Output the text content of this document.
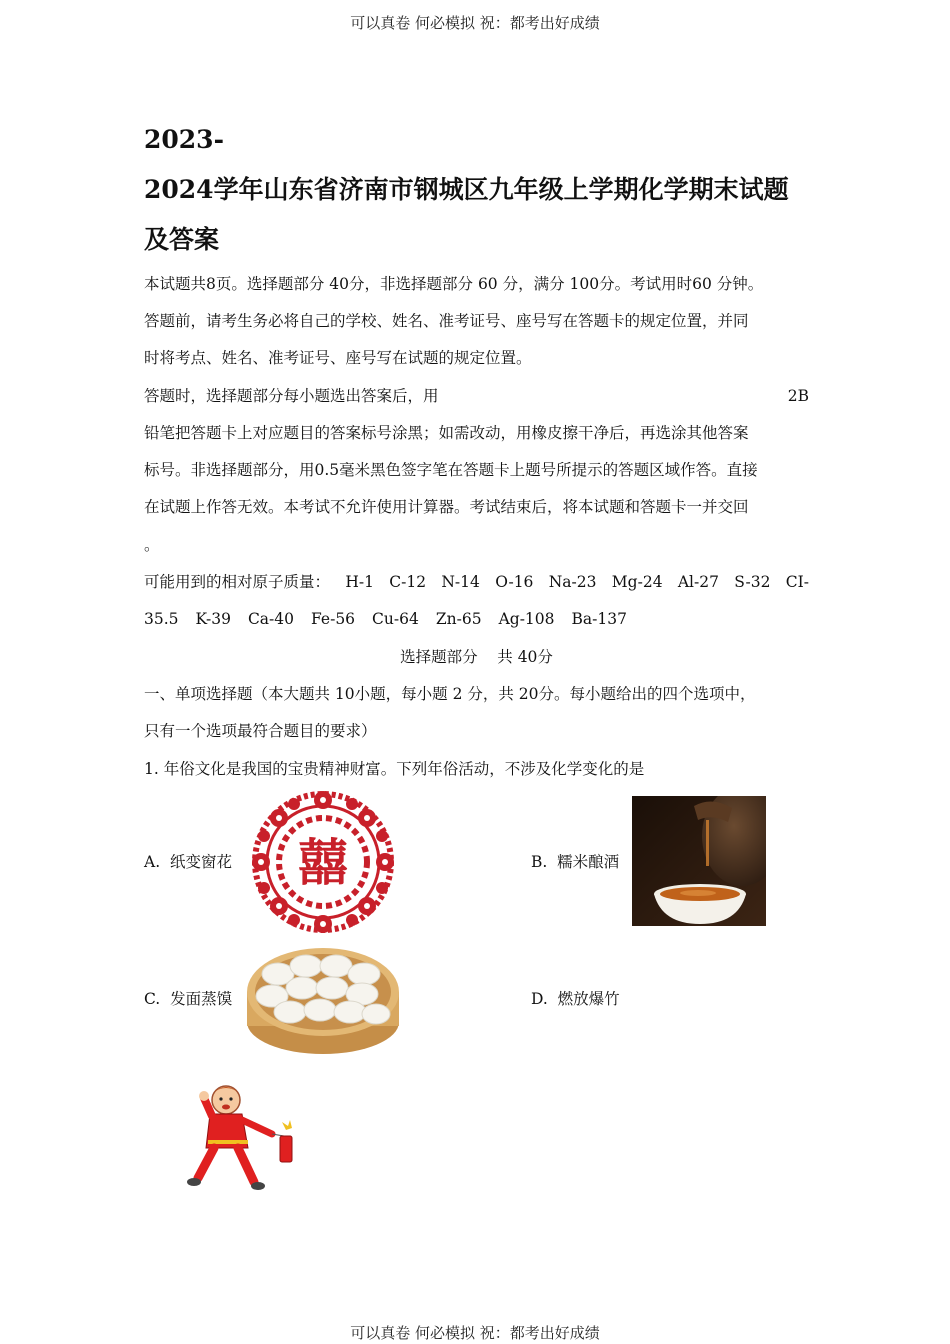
可以真卷 何必模拟 祝：都考出好成绩
2023-
2024学年山东省济南市钢城区九年级上学期化学期末试题
及答案
本试题共8页。选择题部分 40分，非选择题部分 60 分，满分 100分。考试用时60 分钟。
答题前，请考生务必将自己的学校、姓名、准考证号、座号写在答题卡的规定位置，并同
时将考点、姓名、准考证号、座号写在试题的规定位置。
答题时，选择题部分每小题选出答案后，用	2B
铅笔把答题卡上对应题目的答案标号涂黑；如需改动，用橡皮擦干净后，再选涂其他答案
标号。非选择题部分，用0.5毫米黑色签字笔在答题卡上题号所提示的答题区域作答。直接
在试题上作答无效。本考试不允许使用计算器。考试结束后，将本试题和答题卡一并交回
。
可能用到的相对原子质量： H-1 C-12 N-14 O-16 Na-23 Mg-24 Al-27 S-32 CI-
35.5 K-39 Ca-40 Fe-56 Cu-64 Zn-65 Ag-108 Ba-137
选择题部分    共 40分
一、单项选择题（本大题共 10小题，每小题 2 分，共 20分。每小题给出的四个选项中，
只有一个选项最符合题目的要求）
1. 年俗文化是我国的宝贵精神财富。下列年俗活动，不涉及化学变化的是
A.  纸变窗花 囍	B.  糯米酿酒
C.  发面蒸馍	D.  燃放爆竹
可以真卷 何必模拟 祝：都考出好成绩
